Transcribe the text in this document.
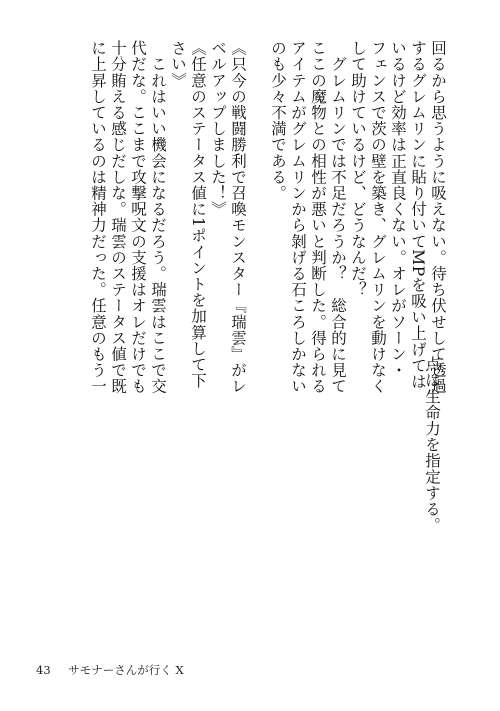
回るから思うように吸えない。待ち伏せして透過
するグレムリンに貼り付いてMPを吸い上げては
いるけど効率は正直良くない。オレがソーン・
フェンスで茨の壁を築き、グレムリンを動けなく
して助けているけど、どうなんだ？
　グレムリンでは不足だろうか？　総合的に見て
ここの魔物との相性が悪いと判断した。得られる
アイテムがグレムリンから剝げる石ころしかない
のも少々不満である。

《只今の戦闘勝利で召喚モンスター『瑞雲』がレ
ベルアップしました！》
《任意のステータス値に1ポイントを加算して下
さい》
　これはいい機会になるだろう。瑞雲はここで交
代だな。ここまで攻撃呪文の支援はオレだけでも
十分賄える感じだしな。瑞雲のステータス値で既
に上昇しているのは精神力だった。任意のもう一
点は生命力を指定する。
43 サモナーさんが行く Ⅹ
